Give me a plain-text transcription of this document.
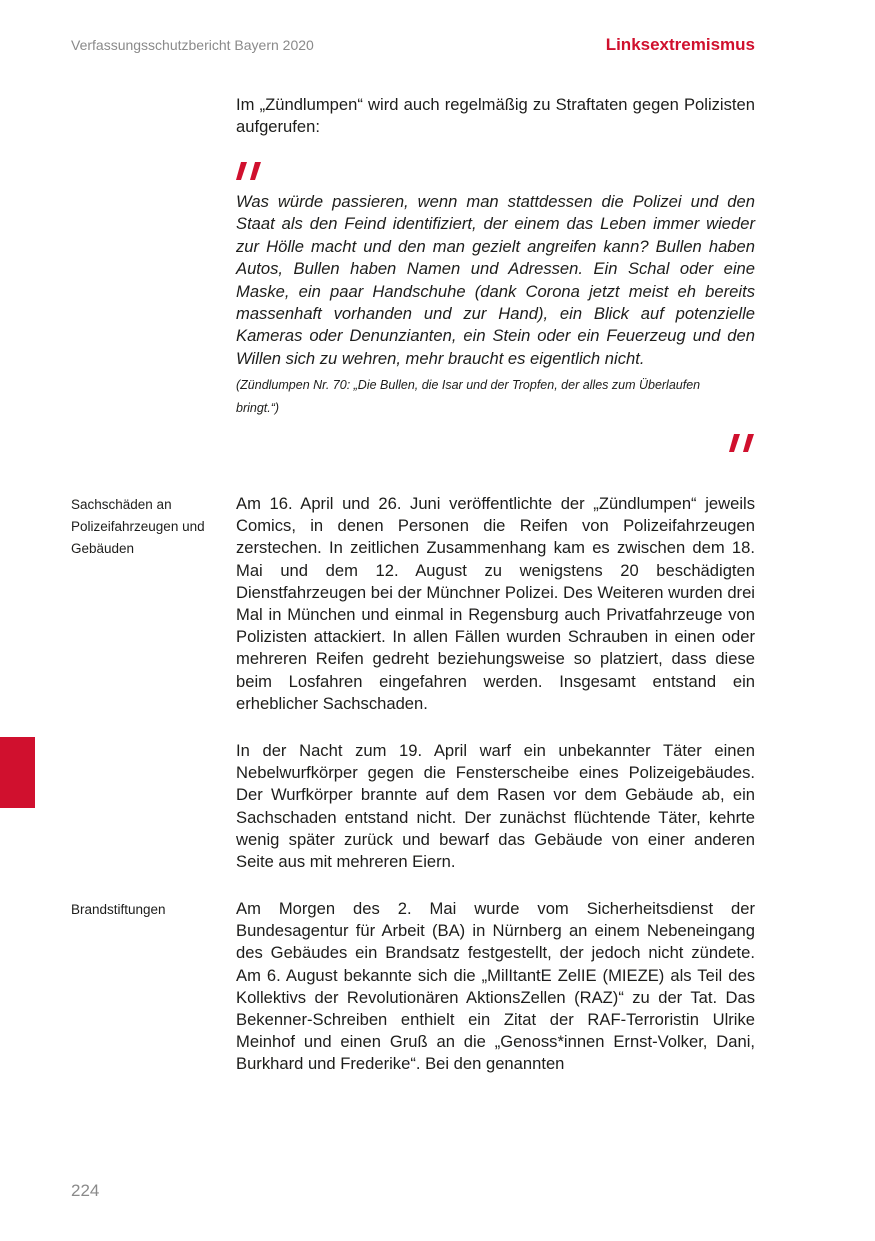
Verfassungsschutzbericht Bayern 2020	Linksextremismus

Im „Zündlumpen“ wird auch regelmäßig zu Straftaten gegen Polizisten aufgerufen:

Was würde passieren, wenn man stattdessen die Polizei und den Staat als den Feind identifiziert, der einem das Leben immer wieder zur Hölle macht und den man gezielt angreifen kann? Bullen haben Autos, Bullen haben Namen und Adressen. Ein Schal oder eine Maske, ein paar Handschuhe (dank Corona jetzt meist eh bereits massenhaft vorhanden und zur Hand), ein Blick auf potenzielle Kameras oder Denunzianten, ein Stein oder ein Feuerzeug und den Willen sich zu wehren, mehr braucht es eigentlich nicht.

(Zündlumpen Nr. 70: „Die Bullen, die Isar und der Tropfen, der alles zum Überlaufen bringt.“)

Sachschäden an Polizeifahrzeugen und Gebäuden

Am 16. April und 26. Juni veröffentlichte der „Zündlumpen“ jeweils Comics, in denen Personen die Reifen von Polizeifahrzeugen zerstechen. In zeitlichen Zusammenhang kam es zwischen dem 18. Mai und dem 12. August zu wenigstens 20 beschädigten Dienstfahrzeugen bei der Münchner Polizei. Des Weiteren wurden drei Mal in München und einmal in Regensburg auch Privatfahrzeuge von Polizisten attackiert. In allen Fällen wurden Schrauben in einen oder mehreren Reifen gedreht beziehungsweise so platziert, dass diese beim Losfahren eingefahren werden. Insgesamt entstand ein erheblicher Sachschaden.

In der Nacht zum 19. April warf ein unbekannter Täter einen Nebelwurfkörper gegen die Fensterscheibe eines Polizeigebäudes. Der Wurfkörper brannte auf dem Rasen vor dem Gebäude ab, ein Sachschaden entstand nicht. Der zunächst flüchtende Täter, kehrte wenig später zurück und bewarf das Gebäude von einer anderen Seite aus mit mehreren Eiern.

Brandstiftungen	Am Morgen des 2. Mai wurde vom Sicherheitsdienst der Bundesagentur für Arbeit (BA) in Nürnberg an einem Nebeneingang des Gebäudes ein Brandsatz festgestellt, der jedoch nicht zündete. Am 6. August bekannte sich die „MilItantE ZelIE (MIEZE) als Teil des Kollektivs der Revolutionären AktionsZellen (RAZ)“ zu der Tat. Das Bekenner-Schreiben enthielt ein Zitat der RAF-Terroristin Ulrike Meinhof und einen Gruß an die „Genoss*innen Ernst-Volker, Dani, Burkhard und Frederike“. Bei den genannten

224
